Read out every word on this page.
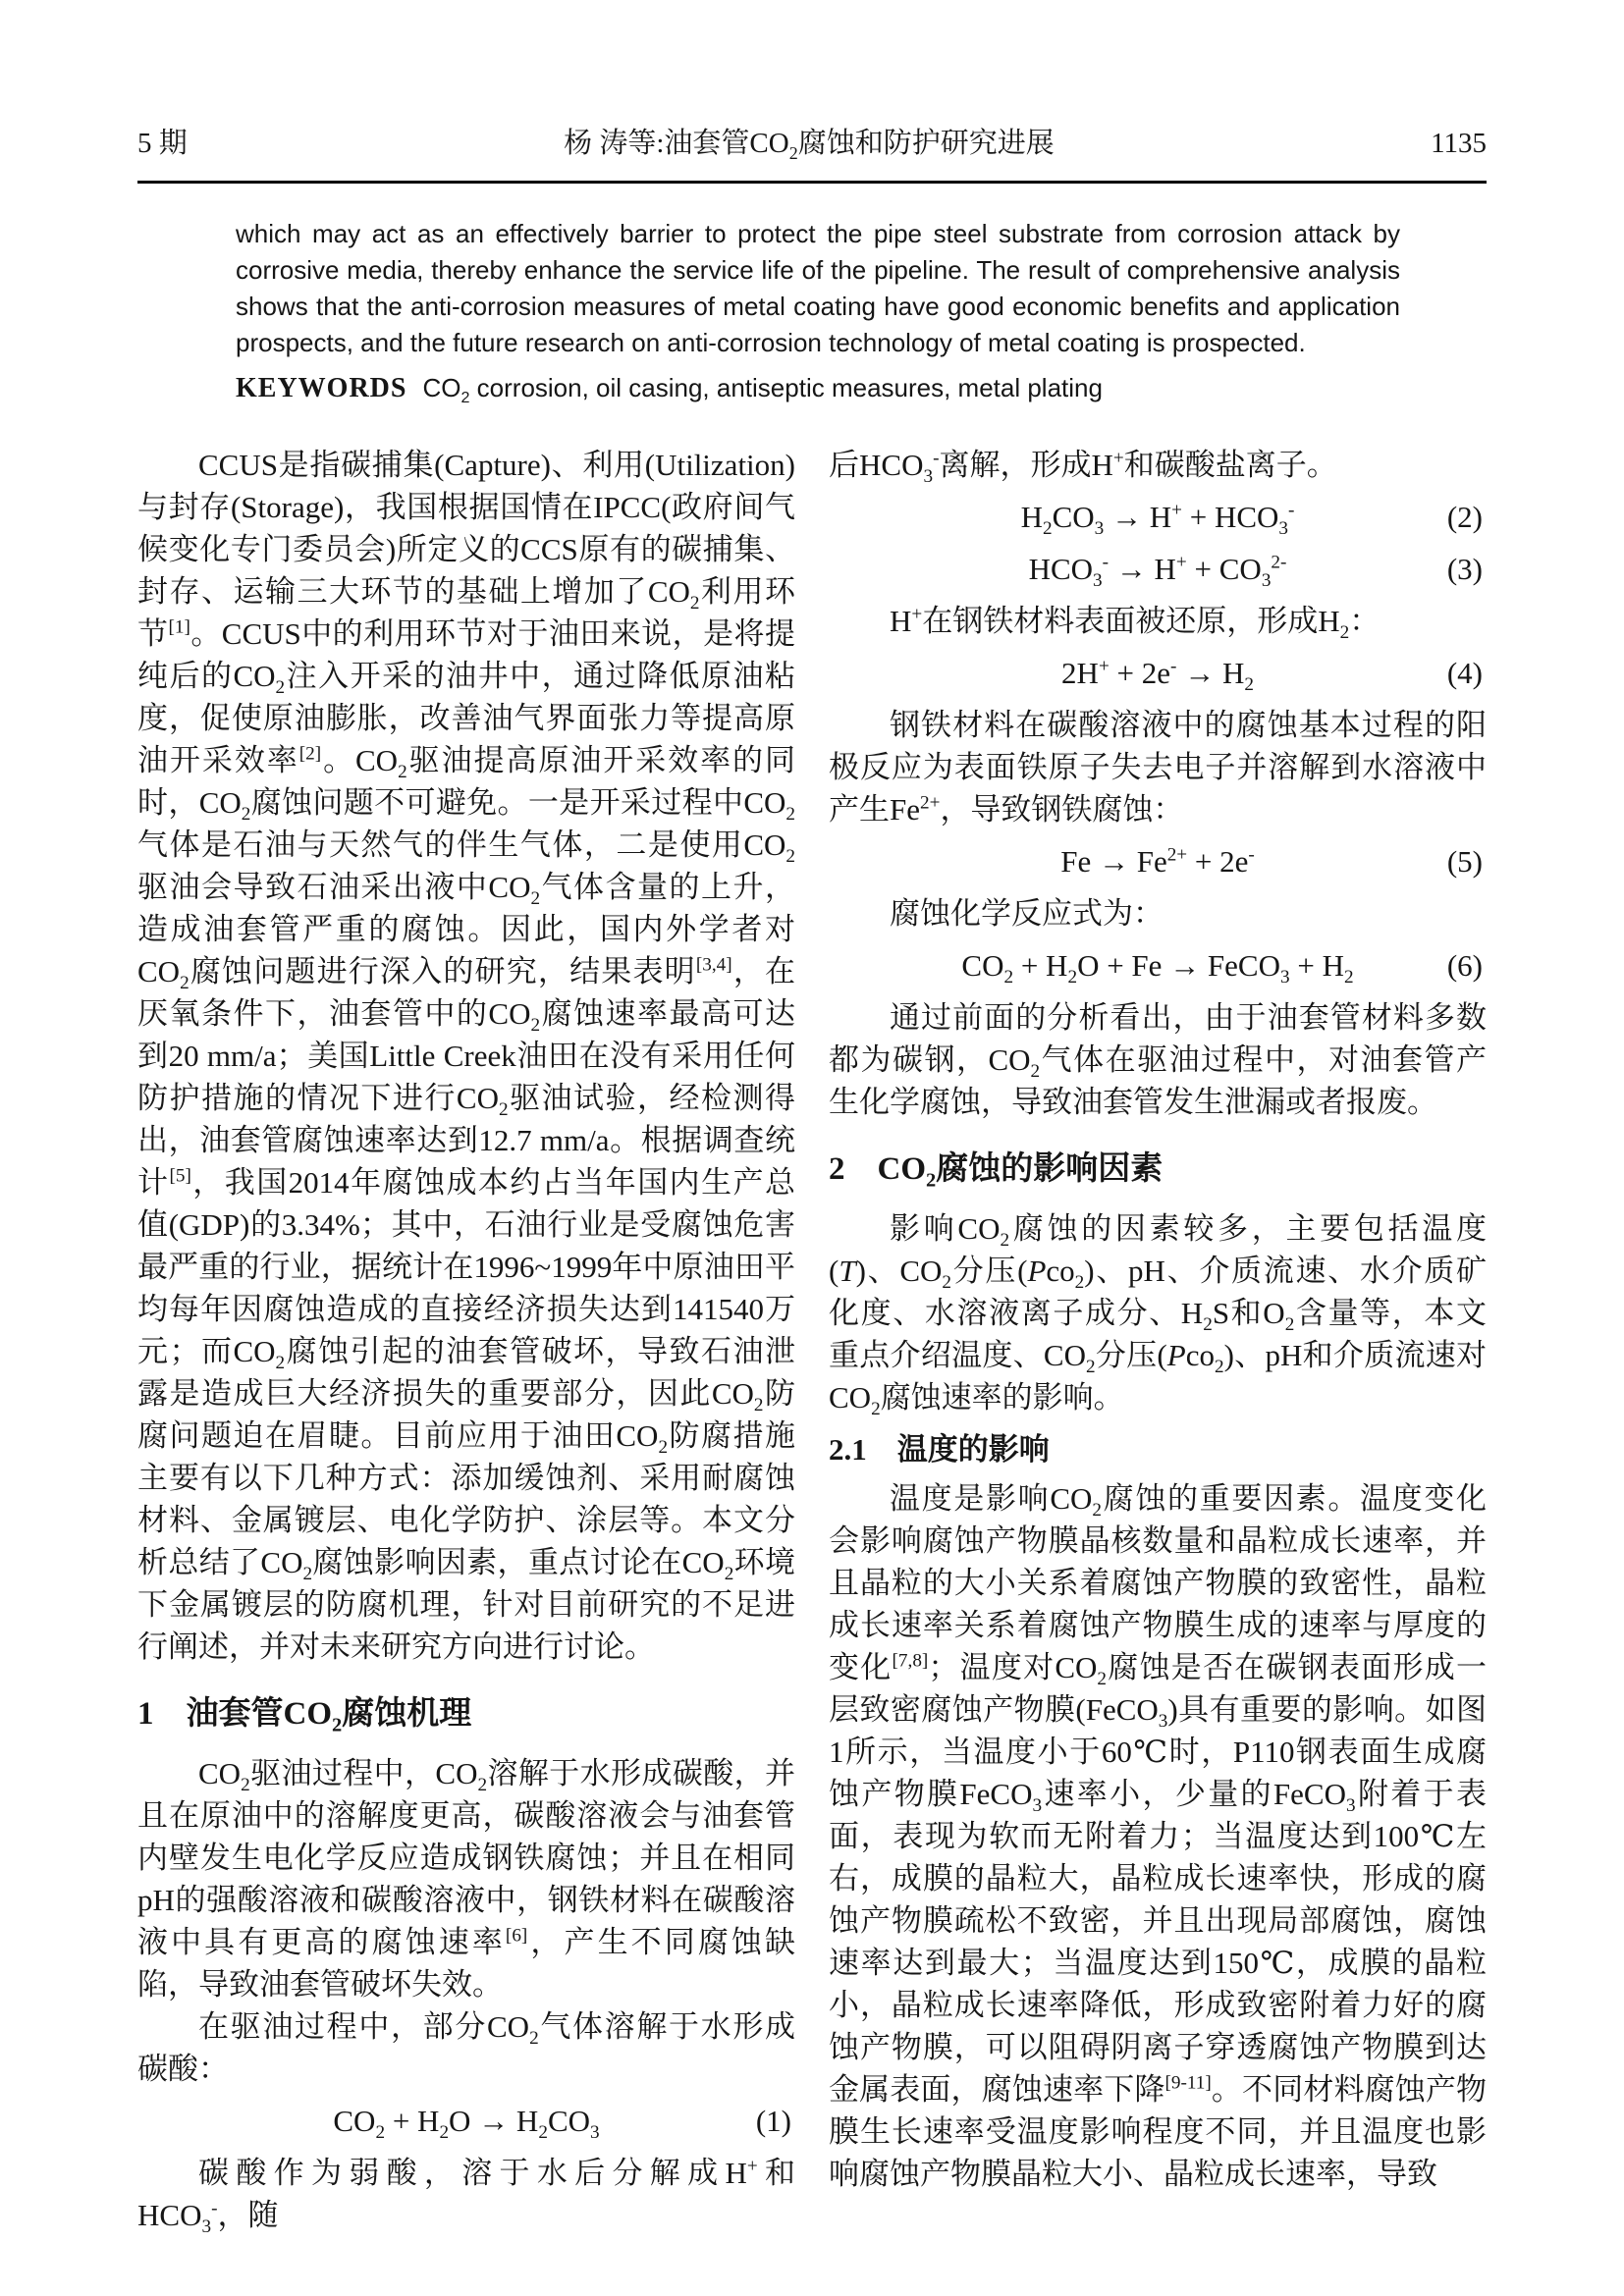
5 期	杨 涛等:油套管$CO_2$腐蚀和防护研究进展	1135

which may act as an effectively barrier to protect the pipe steel substrate from corrosion attack by corrosive media, thereby enhance the service life of the pipeline. The result of comprehensive analysis shows that the anti-corrosion measures of metal coating have good economic benefits and application prospects, and the future research on anti-corrosion technology of metal coating is prospected.

KEYWORDS $CO_2$ corrosion, oil casing, antiseptic measures, metal plating

CCUS是指碳捕集(Capture)、利用(Utilization)与封存(Storage)，我国根据国情在IPCC(政府间气候变化专门委员会)所定义的CCS原有的碳捕集、封存、运输三大环节的基础上增加了$CO_2$利用环节[1]。CCUS中的利用环节对于油田来说，是将提纯后的$CO_2$注入开采的油井中，通过降低原油粘度，促使原油膨胀，改善油气界面张力等提高原油开采效率[2]。$CO_2$驱油提高原油开采效率的同时，$CO_2$腐蚀问题不可避免。一是开采过程中$CO_2$气体是石油与天然气的伴生气体，二是使用$CO_2$驱油会导致石油采出液中$CO_2$气体含量的上升，造成油套管严重的腐蚀。因此，国内外学者对$CO_2$腐蚀问题进行深入的研究，结果表明[3,4]，在厌氧条件下，油套管中的$CO_2$腐蚀速率最高可达到20 mm/a；美国Little Creek油田在没有采用任何防护措施的情况下进行$CO_2$驱油试验，经检测得出，油套管腐蚀速率达到12.7 mm/a。根据调查统计[5]，我国2014年腐蚀成本约占当年国内生产总值(GDP)的3.34%；其中，石油行业是受腐蚀危害最严重的行业，据统计在1996~1999年中原油田平均每年因腐蚀造成的直接经济损失达到141540万元；而$CO_2$腐蚀引起的油套管破坏，导致石油泄露是造成巨大经济损失的重要部分，因此$CO_2$防腐问题迫在眉睫。目前应用于油田$CO_2$防腐措施主要有以下几种方式：添加缓蚀剂、采用耐腐蚀材料、金属镀层、电化学防护、涂层等。本文分析总结了$CO_2$腐蚀影响因素，重点讨论在$CO_2$环境下金属镀层的防腐机理，针对目前研究的不足进行阐述，并对未来研究方向进行讨论。

1　油套管$CO_2$腐蚀机理

$CO_2$驱油过程中，$CO_2$溶解于水形成碳酸，并且在原油中的溶解度更高，碳酸溶液会与油套管内壁发生电化学反应造成钢铁腐蚀；并且在相同pH的强酸溶液和碳酸溶液中，钢铁材料在碳酸溶液中具有更高的腐蚀速率[6]，产生不同腐蚀缺陷，导致油套管破坏失效。

在驱油过程中，部分$CO_2$气体溶解于水形成碳酸：

$CO_2 + H_2O \to H_2CO_3$	(1)

碳酸作为弱酸，溶于水后分解成H+和$HCO_3^-$，随

后$HCO_3^-$离解，形成H+和碳酸盐离子。

$H_2CO_3 \to H^+ + HCO_3^-$	(2)
$HCO_3^- \to H^+ + CO_3^{2-}$	(3)

H+在钢铁材料表面被还原，形成$H_2$：

$2H^+ + 2e^- \to H_2$	(4)

钢铁材料在碳酸溶液中的腐蚀基本过程的阳极反应为表面铁原子失去电子并溶解到水溶液中产生$Fe^{2+}$，导致钢铁腐蚀：

$Fe \to Fe^{2+} + 2e^-$	(5)

腐蚀化学反应式为：

$CO_2 + H_2O + Fe$ → FeCO$_3$ + $H_2$	(6)

通过前面的分析看出，由于油套管材料多数都为碳钢，$CO_2$气体在驱油过程中，对油套管产生化学腐蚀，导致油套管发生泄漏或者报废。

2　$CO_2$腐蚀的影响因素

影响$CO_2$腐蚀的因素较多，主要包括温度(T)、$CO_2$分压(Pco$_2$)、pH、介质流速、水介质矿化度、水溶液离子成分、$H_2S$和$O_2$含量等，本文重点介绍温度、$CO_2$分压(Pco$_2$)、pH和介质流速对$CO_2$腐蚀速率的影响。

2.1　温度的影响

温度是影响$CO_2$腐蚀的重要因素。温度变化会影响腐蚀产物膜晶核数量和晶粒成长速率，并且晶粒的大小关系着腐蚀产物膜的致密性，晶粒成长速率关系着腐蚀产物膜生成的速率与厚度的变化[7,8]；温度对$CO_2$腐蚀是否在碳钢表面形成一层致密腐蚀产物膜(FeCO$_3$)具有重要的影响。如图1所示，当温度小于60℃时，P110钢表面生成腐蚀产物膜FeCO$_3$速率小，少量的FeCO$_3$附着于表面，表现为软而无附着力；当温度达到100℃左右，成膜的晶粒大，晶粒成长速率快，形成的腐蚀产物膜疏松不致密，并且出现局部腐蚀，腐蚀速率达到最大；当温度达到150℃，成膜的晶粒小，晶粒成长速率降低，形成致密附着力好的腐蚀产物膜，可以阻碍阴离子穿透腐蚀产物膜到达金属表面，腐蚀速率下降[9-11]。不同材料腐蚀产物膜生长速率受温度影响程度不同，并且温度也影响腐蚀产物膜晶粒大小、晶粒成长速率，导致
